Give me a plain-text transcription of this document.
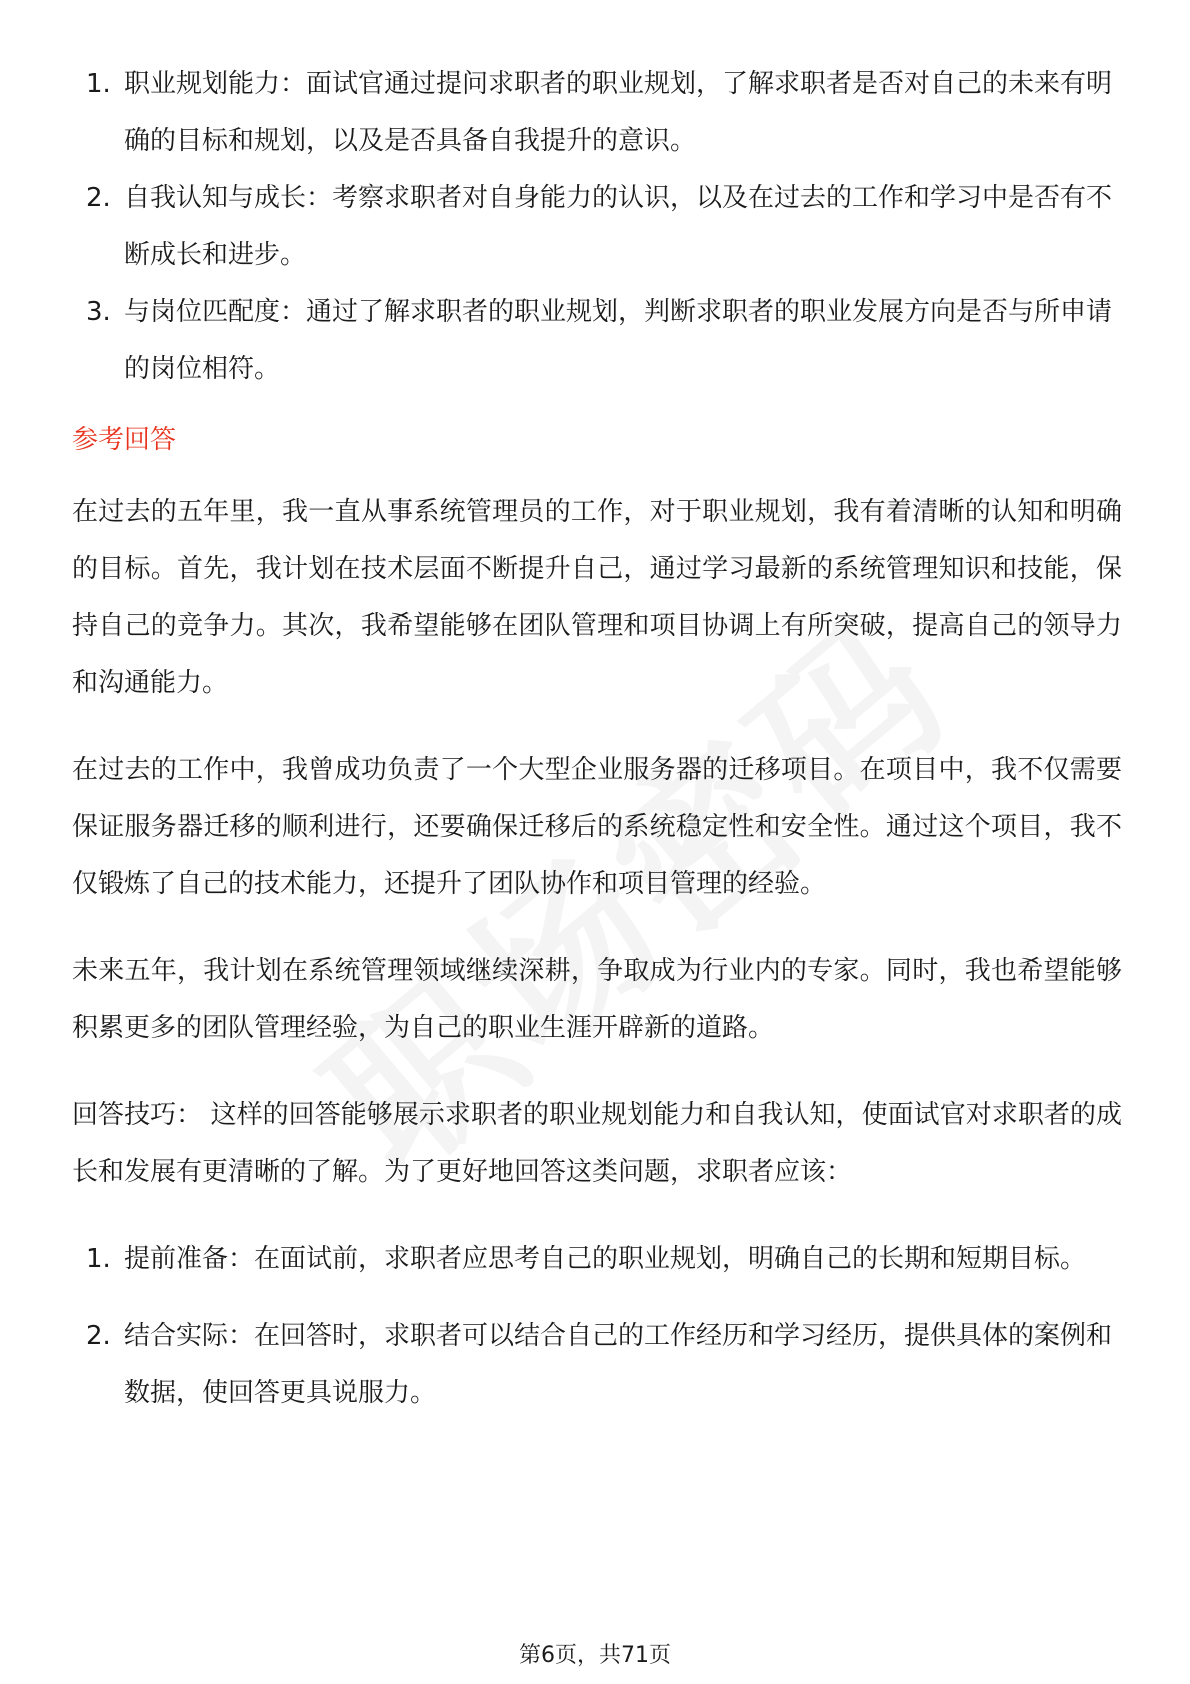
1. 职业规划能力：面试官通过提问求职者的职业规划，了解求职者是否对自己的未来有明确的目标和规划，以及是否具备自我提升的意识。
2. 自我认知与成长：考察求职者对自身能力的认识，以及在过去的工作和学习中是否有不断成长和进步。
3. 与岗位匹配度：通过了解求职者的职业规划，判断求职者的职业发展方向是否与所申请的岗位相符。
参考回答

在过去的五年里，我一直从事系统管理员的工作，对于职业规划，我有着清晰的认知和明确的目标。首先，我计划在技术层面不断提升自己，通过学习最新的系统管理知识和技能，保持自己的竞争力。其次，我希望能够在团队管理和项目协调上有所突破，提高自己的领导力和沟通能力。

在过去的工作中，我曾成功负责了一个大型企业服务器的迁移项目。在项目中，我不仅需要保证服务器迁移的顺利进行，还要确保迁移后的系统稳定性和安全性。通过这个项目，我不仅锻炼了自己的技术能力，还提升了团队协作和项目管理的经验。

未来五年，我计划在系统管理领域继续深耕，争取成为行业内的专家。同时，我也希望能够积累更多的团队管理经验，为自己的职业生涯开辟新的道路。

回答技巧： 这样的回答能够展示求职者的职业规划能力和自我认知，使面试官对求职者的成长和发展有更清晰的了解。为了更好地回答这类问题，求职者应该：

1. 提前准备：在面试前，求职者应思考自己的职业规划，明确自己的长期和短期目标。
2. 结合实际：在回答时，求职者可以结合自己的工作经历和学习经历，提供具体的案例和数据，使回答更具说服力。
第6页，共71页
